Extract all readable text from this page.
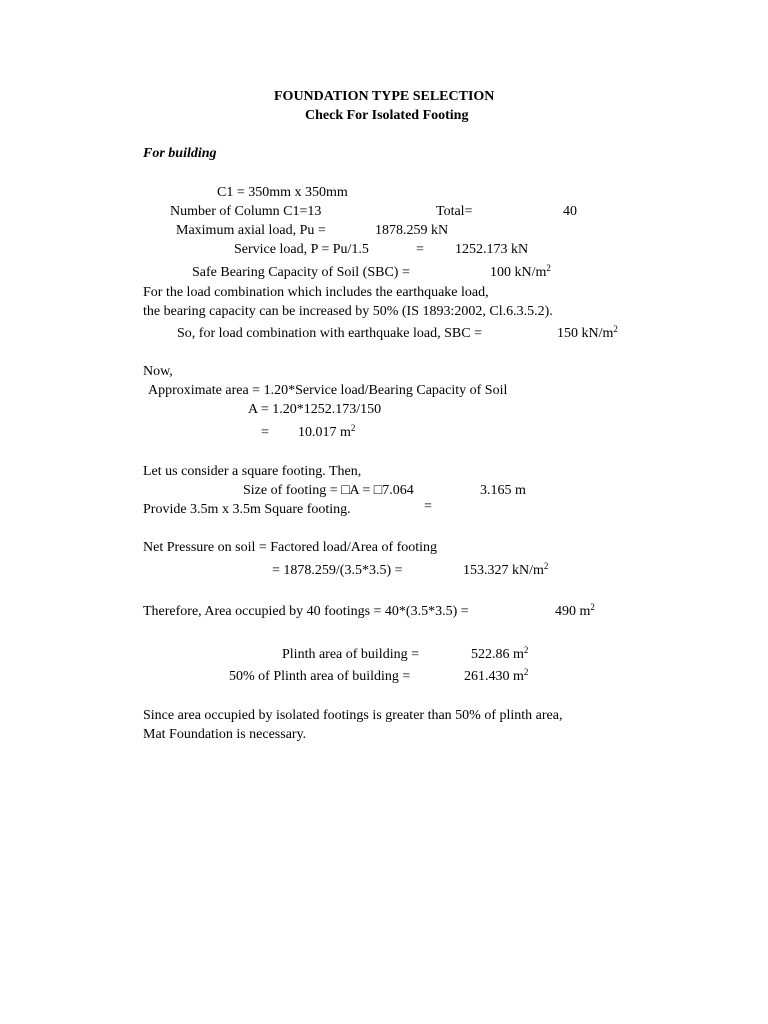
FOUNDATION TYPE SELECTION
Check For Isolated Footing
For building
C1 = 350mm x 350mm
Number of Column C1=13	Total=	40
Maximum axial load, Pu =	1878.259 kN
Service load, P = Pu/1.5	= 1252.173 kN
Safe Bearing Capacity of Soil (SBC) =	100 $kN/m^2$
For the load combination which includes the earthquake load,
the bearing capacity can be increased by 50% (IS 1893:2002, Cl.6.3.5.2).
So, for load combination with earthquake load, SBC =	150 $kN/m^2$
Now,
Approximate area = 1.20*Service load/Bearing Capacity of Soil
A = 1.20*1252.173/150
= 10.017 $m^2$
Let us consider a square footing. Then,
Size of footing = □A = □7.064	3.165 m
Provide 3.5m x 3.5m Square footing.	=
Net Pressure on soil = Factored load/Area of footing
= 1878.259/(3.5*3.5) =	153.327 $kN/m^2$
Therefore, Area occupied by 40 footings = 40*(3.5*3.5) =	490 $m^2$
Plinth area of building =	522.86 $m^2$
50% of Plinth area of building =	261.430 $m^2$
Since area occupied by isolated footings is greater than 50% of plinth area,
Mat Foundation is necessary.
